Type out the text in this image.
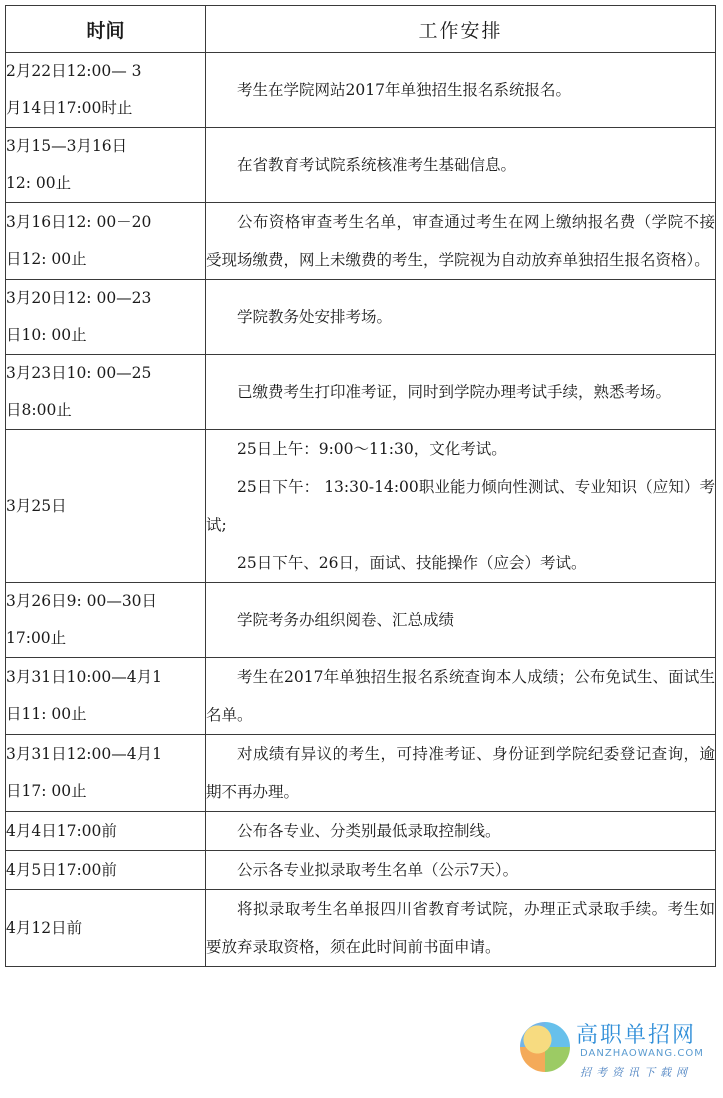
时间	工作安排
2月22日12:00— 3
月14日17:00时止	考生在学院网站2017年单独招生报名系统报名。

3月15—3月16日
12: 00止	在省教育考试院系统核准考生基础信息。

3月16日12: 00－20
日12: 00止	公布资格审查考生名单，审查通过考生在网上缴纳报名费（学院不接受现场缴费，网上未缴费的考生，学院视为自动放弃单独招生报名资格）。

3月20日12: 00—23
日10: 00止	学院教务处安排考场。

3月23日10: 00—25
日8:00止	已缴费考生打印准考证，同时到学院办理考试手续，熟悉考场。

3月25日	25日上午：9:00～11:30，文化考试。

25日下午： 13:30-14:00职业能力倾向性测试、专业知识（应知）考试;

25日下午、26日，面试、技能操作（应会）考试。

3月26日9: 00—30日
17:00止	学院考务办组织阅卷、汇总成绩

3月31日10:00—4月1
日11: 00止	考生在2017年单独招生报名系统查询本人成绩；公布免试生、面试生名单。

3月31日12:00—4月1
日17: 00止	对成绩有异议的考生，可持准考证、身份证到学院纪委登记查询，逾期不再办理。

4月4日17:00前	公布各专业、分类别最低录取控制线。

4月5日17:00前	公示各专业拟录取考生名单（公示7天）。

4月12日前	将拟录取考生名单报四川省教育考试院，办理正式录取手续。考生如要放弃录取资格，须在此时间前书面申请。

高职单招网
DANZHAOWANG.COM
招考资讯下载网
